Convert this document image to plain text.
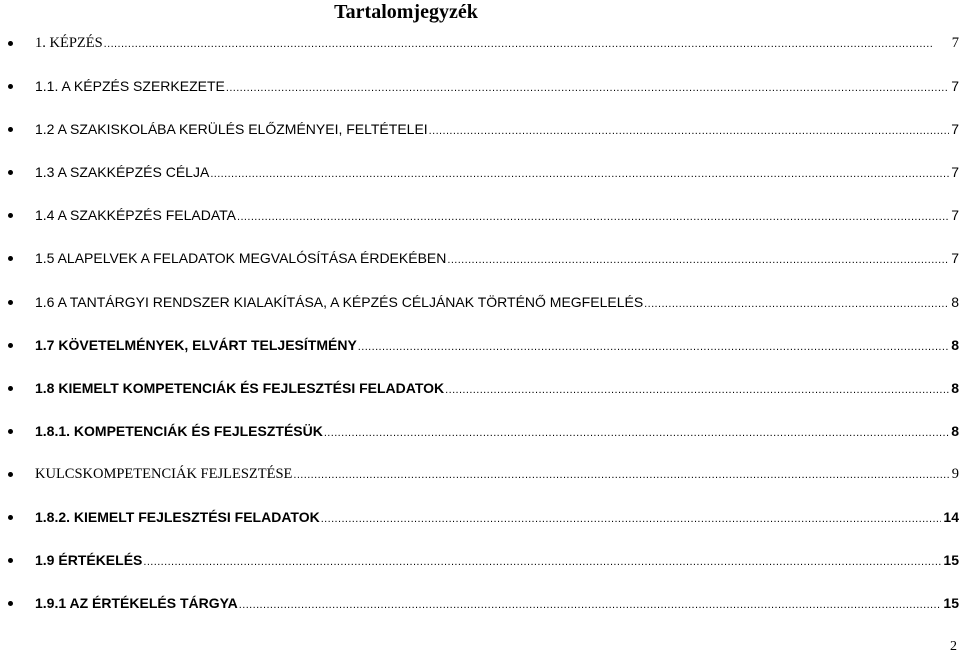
Tartalomjegyzék
1. KÉPZÉS .....	7
1.1. A KÉPZÉS SZERKEZETE .....	7
1.2 A SZAKISKOLÁBA KERÜLÉS ELŐZMÉNYEI, FELTÉTELEI .....	7
1.3 A SZAKKÉPZÉS CÉLJA .....	7
1.4 A SZAKKÉPZÉS FELADATA .....	7
1.5 ALAPELVEK A FELADATOK MEGVALÓSÍTÁSA ÉRDEKÉBEN .....	7
1.6 A TANTÁRGYI RENDSZER KIALAKÍTÁSA, A KÉPZÉS CÉLJÁNAK TÖRTÉNŐ MEGFELELÉS .....	8
1.7 KÖVETELMÉNYEK, ELVÁRT TELJESÍTMÉNY .....	8
1.8 KIEMELT KOMPETENCIÁK ÉS FEJLESZTÉSI FELADATOK .....	8
1.8.1. KOMPETENCIÁK ÉS FEJLESZTÉSÜK .....	8
KULCSKOMPETENCIÁK FEJLESZTÉSE .....	9
1.8.2. KIEMELT FEJLESZTÉSI FELADATOK .....	14
1.9 ÉRTÉKELÉS .....	15
1.9.1 AZ ÉRTÉKELÉS TÁRGYA .....	15
2
